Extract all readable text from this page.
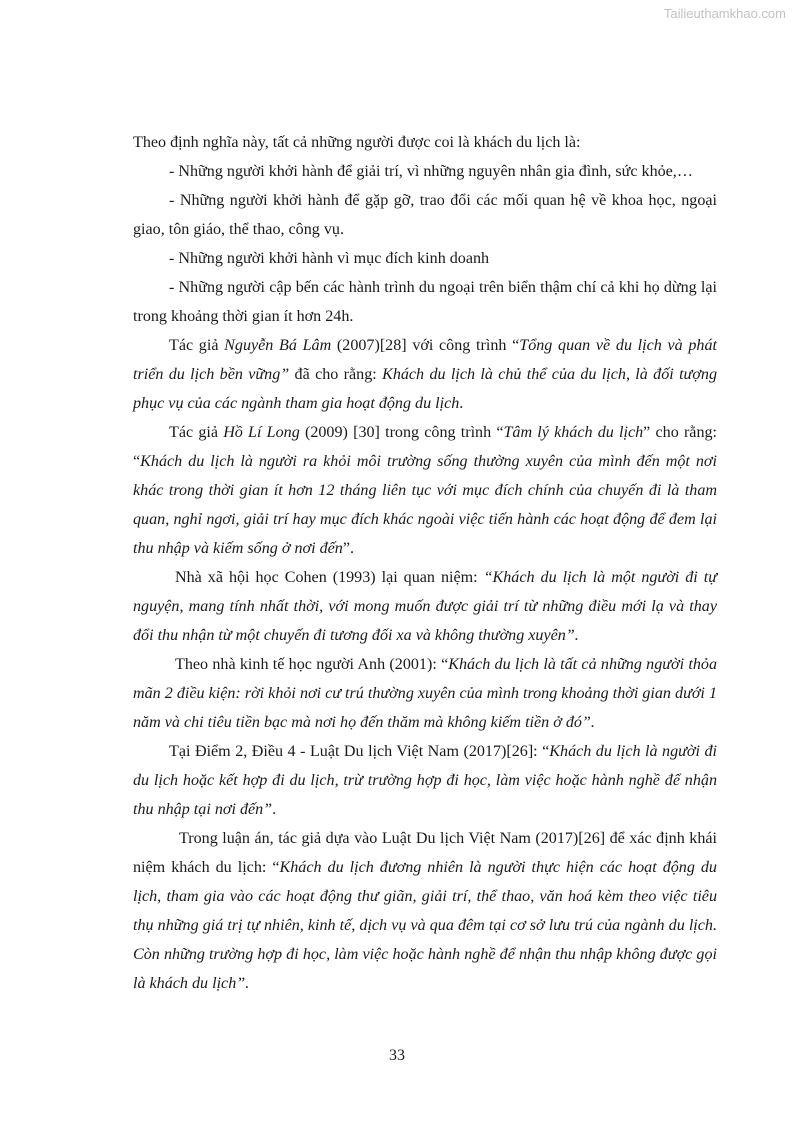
Tailieuthamkhao.com

Theo định nghĩa này, tất cả những người được coi là khách du lịch là:

- Những người khởi hành để giải trí, vì những nguyên nhân gia đình, sức khỏe,…

- Những người khởi hành để gặp gỡ, trao đổi các mối quan hệ về khoa học, ngoại giao, tôn giáo, thể thao, công vụ.

- Những người khởi hành vì mục đích kinh doanh

- Những người cập bến các hành trình du ngoại trên biển thậm chí cả khi họ dừng lại trong khoảng thời gian ít hơn 24h.

Tác giả Nguyễn Bá Lâm (2007)[28] với công trình “Tổng quan về du lịch và phát triển du lịch bền vững” đã cho rằng: Khách du lịch là chủ thể của du lịch, là đối tượng phục vụ của các ngành tham gia hoạt động du lịch.

Tác giả Hồ Lí Long (2009) [30] trong công trình “Tâm lý khách du lịch” cho rằng: “Khách du lịch là người ra khỏi môi trường sống thường xuyên của mình đến một nơi khác trong thời gian ít hơn 12 tháng liên tục với mục đích chính của chuyến đi là tham quan, nghỉ ngơi, giải trí hay mục đích khác ngoài việc tiến hành các hoạt động để đem lại thu nhập và kiếm sống ở nơi đến”.

Nhà xã hội học Cohen (1993) lại quan niệm: “Khách du lịch là một người đi tự nguyện, mang tính nhất thời, với mong muốn được giải trí từ những điều mới lạ và thay đổi thu nhận từ một chuyến đi tương đối xa và không thường xuyên”.

Theo nhà kinh tế học người Anh (2001): “Khách du lịch là tất cả những người thỏa mãn 2 điều kiện: rời khỏi nơi cư trú thường xuyên của mình trong khoảng thời gian dưới 1 năm và chi tiêu tiền bạc mà nơi họ đến thăm mà không kiếm tiền ở đó”.

Tại Điểm 2, Điều 4 - Luật Du lịch Việt Nam (2017)[26]: “Khách du lịch là người đi du lịch hoặc kết hợp đi du lịch, trừ trường hợp đi học, làm việc hoặc hành nghề để nhận thu nhập tại nơi đến”.

Trong luận án, tác giả dựa vào Luật Du lịch Việt Nam (2017)[26] để xác định khái niệm khách du lịch: “Khách du lịch đương nhiên là người thực hiện các hoạt động du lịch, tham gia vào các hoạt động thư giãn, giải trí, thể thao, văn hoá kèm theo việc tiêu thụ những giá trị tự nhiên, kinh tế, dịch vụ và qua đêm tại cơ sở lưu trú của ngành du lịch. Còn những trường hợp đi học, làm việc hoặc hành nghề để nhận thu nhập không được gọi là khách du lịch”.

33
